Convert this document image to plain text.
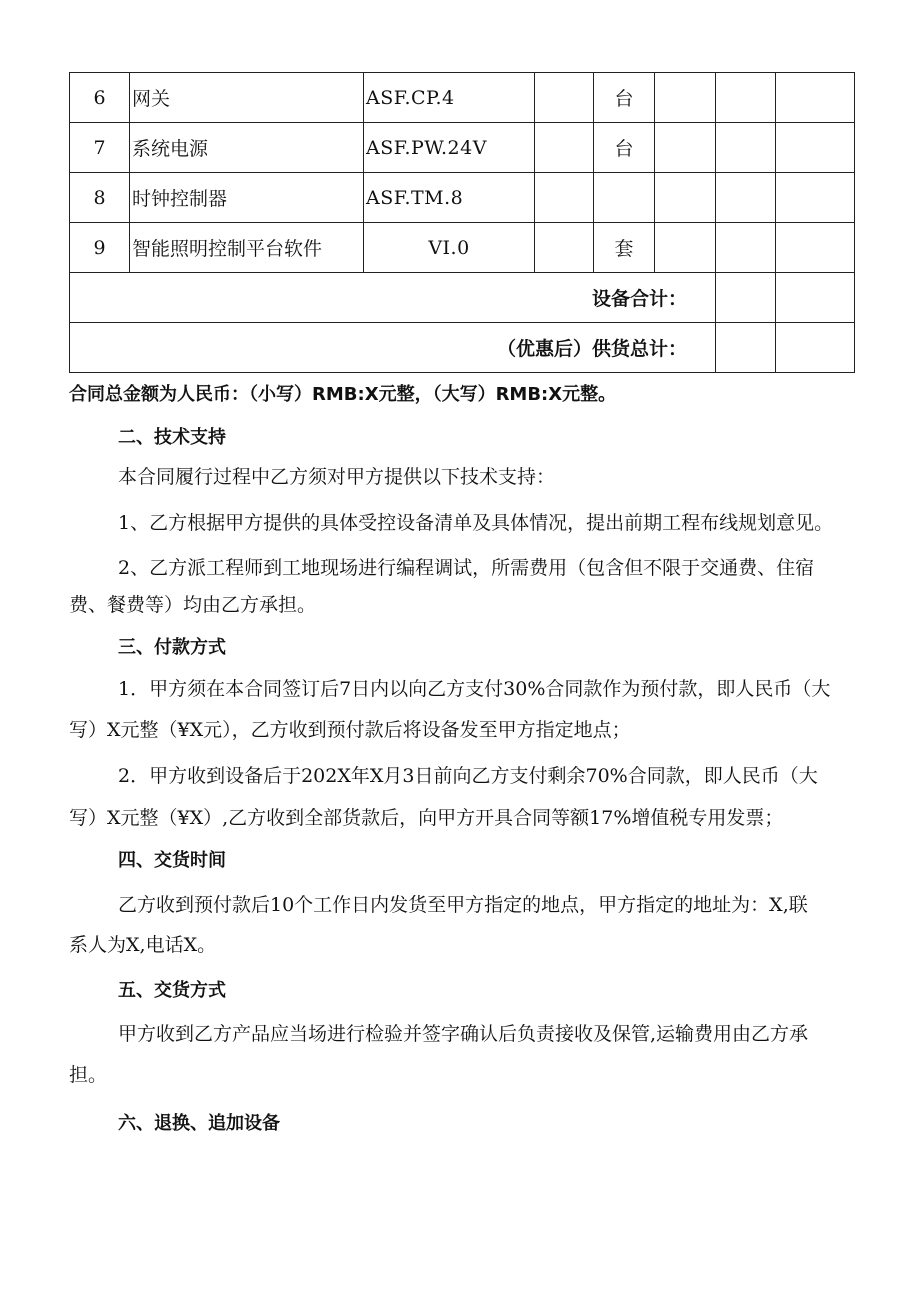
6	网关	ASF.CP.4		台			
7	系统电源	ASF.PW.24V		台			
8	时钟控制器	ASF.TM.8					
9	智能照明控制平台软件	VI.0		套			
设备合计：							
（优惠后）供货总计：							
合同总金额为人民币：（小写）RMB:X元整，（大写）RMB:X元整。
二、技术支持
本合同履行过程中乙方须对甲方提供以下技术支持：
1、乙方根据甲方提供的具体受控设备清单及具体情况，提出前期工程布线规划意见。
2、乙方派工程师到工地现场进行编程调试，所需费用（包含但不限于交通费、住宿
费、餐费等）均由乙方承担。
三、付款方式
1．甲方须在本合同签订后7日内以向乙方支付30%合同款作为预付款，即人民币（大
写）X元整（¥X元），乙方收到预付款后将设备发至甲方指定地点；
2．甲方收到设备后于202X年X月3日前向乙方支付剩余70%合同款，即人民币（大
写）X元整（¥X）,乙方收到全部货款后，向甲方开具合同等额17%增值税专用发票；
四、交货时间
乙方收到预付款后10个工作日内发货至甲方指定的地点，甲方指定的地址为：X,联
系人为X,电话X。
五、交货方式
甲方收到乙方产品应当场进行检验并签字确认后负责接收及保管,运输费用由乙方承
担。
六、退换、追加设备
